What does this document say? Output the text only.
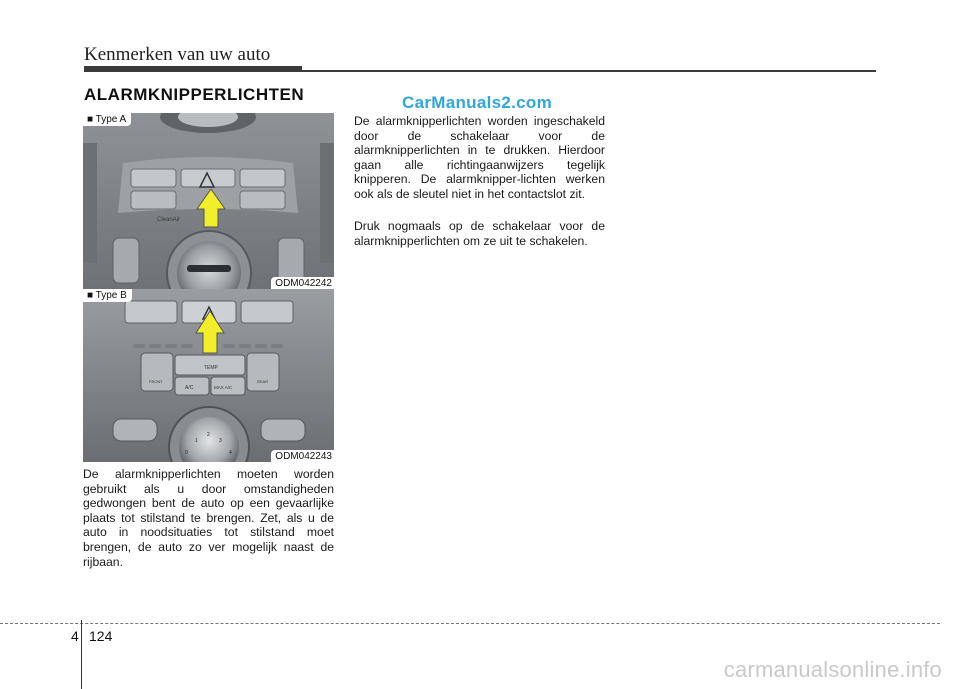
Kenmerken van uw auto
ALARMKNIPPERLICHTEN	CarManuals2.com
CleanAir
■ Type A
ODM042242
TEMP
FRONT	REAR
A/C	MAX A/C
0
1
2
3
4
■ Type B
ODM042243

De alarmknipperlichten moeten worden gebruikt als u door omstandigheden gedwongen bent de auto op een gevaarlijke plaats tot stilstand te brengen. Zet, als u de auto in noodsituaties tot stilstand moet brengen, de auto zo ver mogelijk naast de rijbaan.

De alarmknipperlichten worden ingeschakeld door de schakelaar voor de alarmknipperlichten in te drukken. Hierdoor gaan alle richtingaanwijzers tegelijk knipperen. De alarmknipper-lichten werken ook als de sleutel niet in het contactslot zit.

Druk nogmaals op de schakelaar voor de alarmknipperlichten om ze uit te schakelen.

4 124
carmanualsonline.info
